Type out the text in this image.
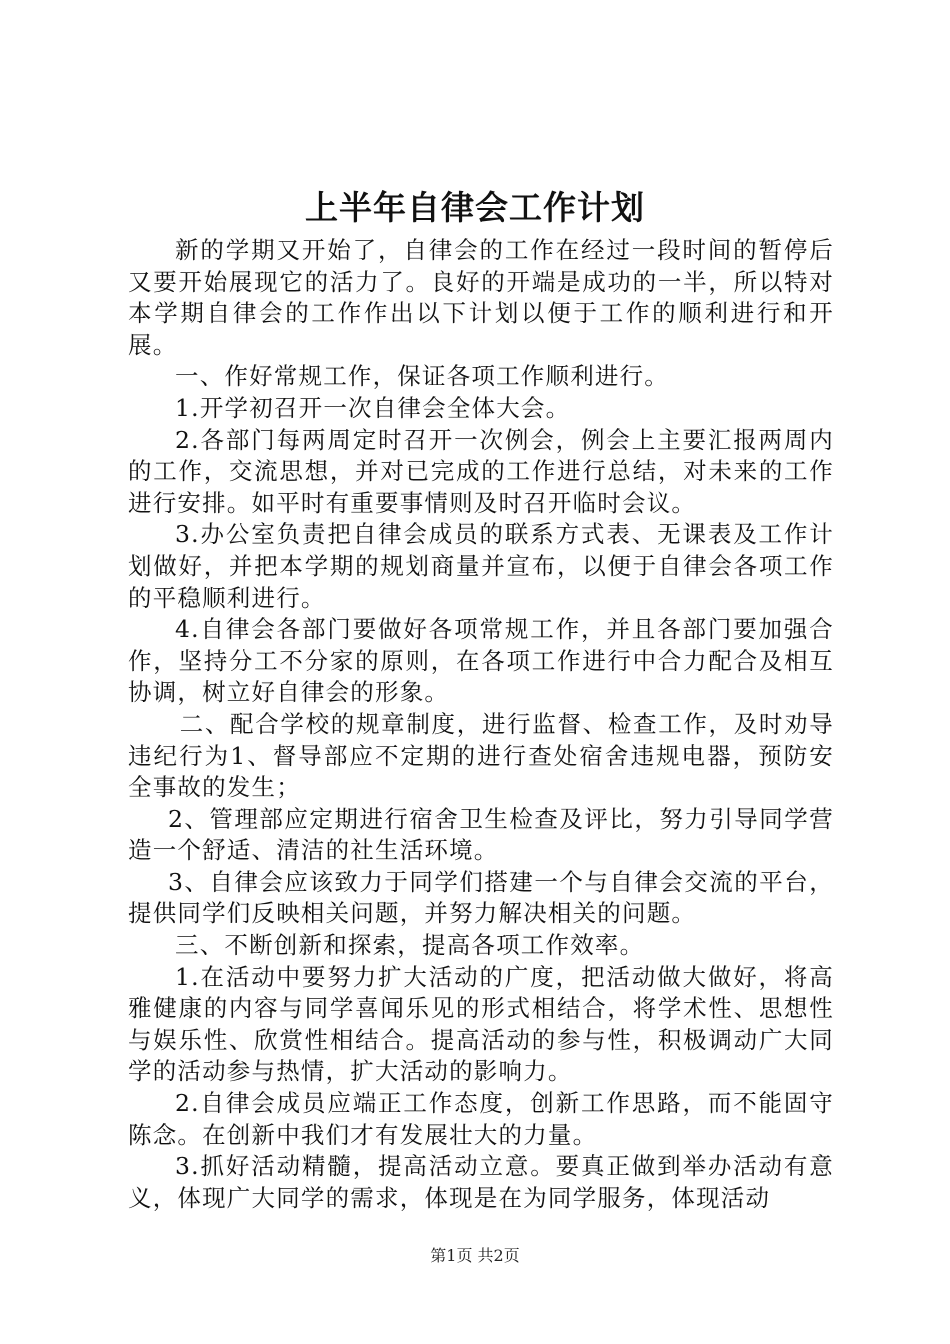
上半年自律会工作计划

新的学期又开始了，自律会的工作在经过一段时间的暂停后又要开始展现它的活力了。良好的开端是成功的一半，所以特对本学期自律会的工作作出以下计划以便于工作的顺利进行和开展。

一、作好常规工作，保证各项工作顺利进行。

1.开学初召开一次自律会全体大会。

2.各部门每两周定时召开一次例会，例会上主要汇报两周内的工作，交流思想，并对已完成的工作进行总结，对未来的工作进行安排。如平时有重要事情则及时召开临时会议。

3.办公室负责把自律会成员的联系方式表、无课表及工作计划做好，并把本学期的规划商量并宣布，以便于自律会各项工作的平稳顺利进行。

4.自律会各部门要做好各项常规工作，并且各部门要加强合作，坚持分工不分家的原则，在各项工作进行中合力配合及相互协调，树立好自律会的形象。

二、配合学校的规章制度，进行监督、检查工作，及时劝导违纪行为1、督导部应不定期的进行查处宿舍违规电器，预防安全事故的发生；

2、管理部应定期进行宿舍卫生检查及评比，努力引导同学营造一个舒适、清洁的社生活环境。

3、自律会应该致力于同学们搭建一个与自律会交流的平台，提供同学们反映相关问题，并努力解决相关的问题。

三、不断创新和探索，提高各项工作效率。

1.在活动中要努力扩大活动的广度，把活动做大做好，将高雅健康的内容与同学喜闻乐见的形式相结合，将学术性、思想性与娱乐性、欣赏性相结合。提高活动的参与性，积极调动广大同学的活动参与热情，扩大活动的影响力。

2.自律会成员应端正工作态度，创新工作思路，而不能固守陈念。在创新中我们才有发展壮大的力量。

3.抓好活动精髓，提高活动立意。要真正做到举办活动有意义，体现广大同学的需求，体现是在为同学服务，体现活动

第1页 共2页
